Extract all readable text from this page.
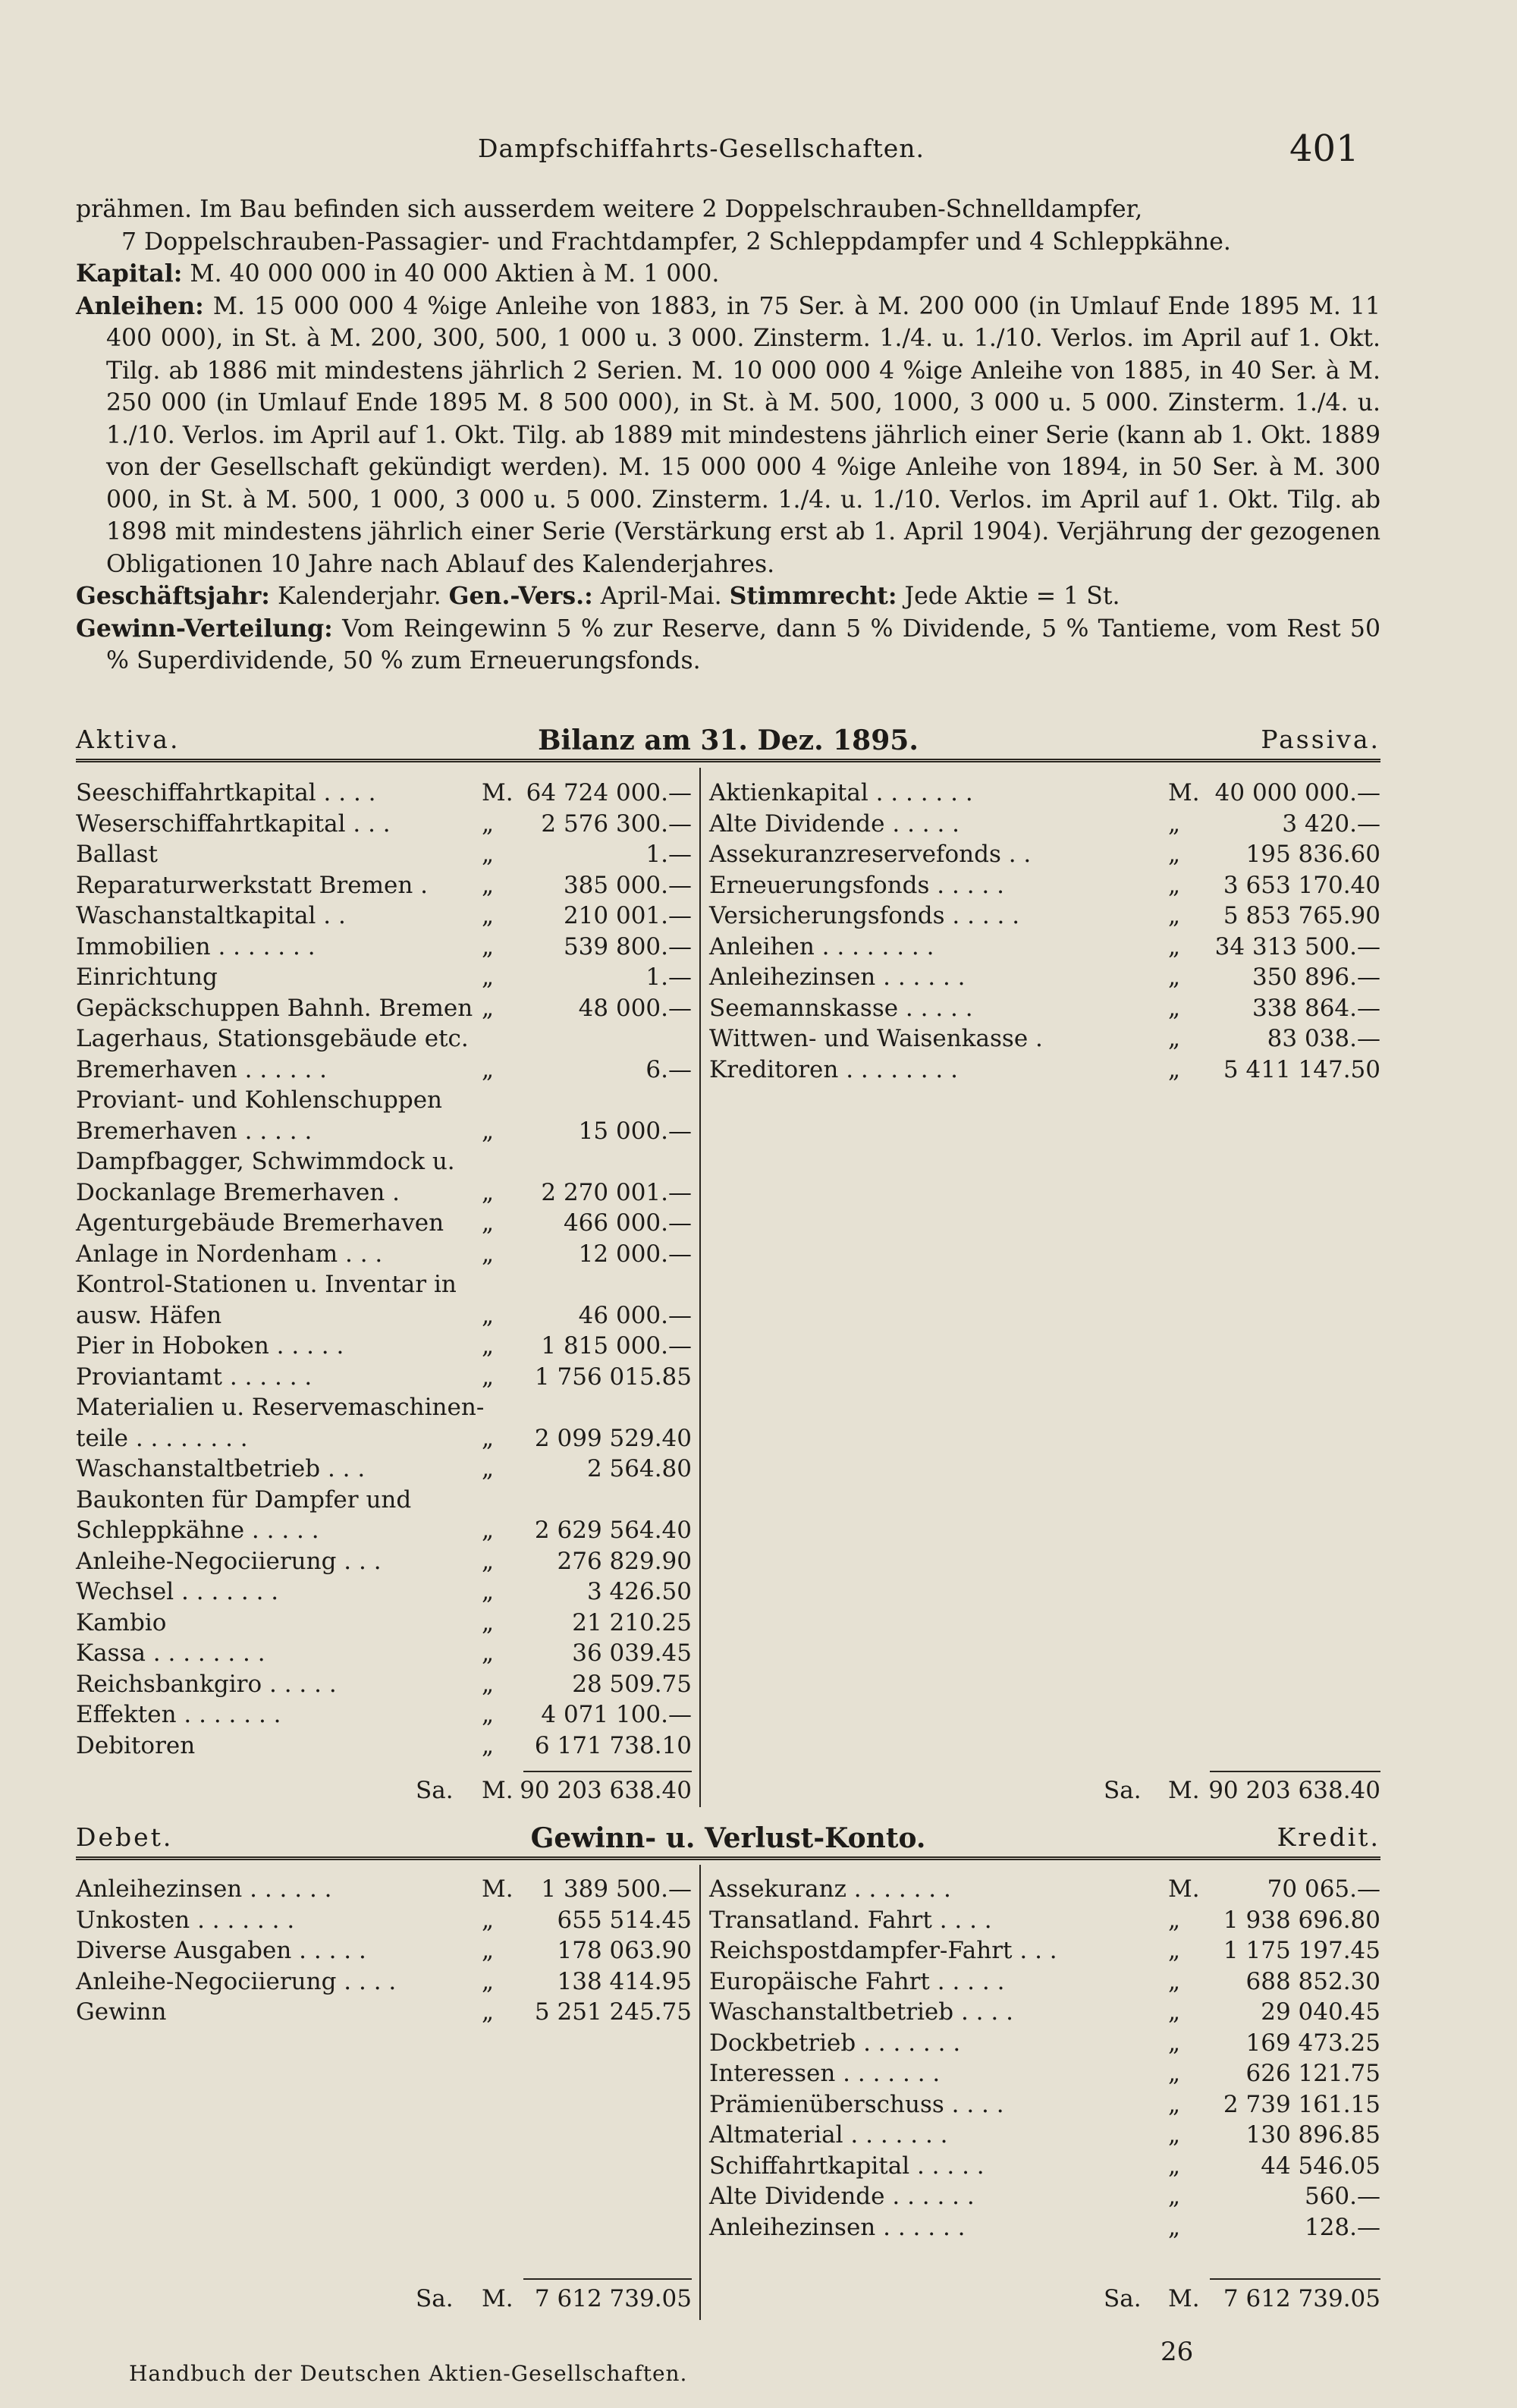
Dampfschiffahrts-Gesellschaften.	401

prähmen. Im Bau befinden sich ausserdem weitere 2 Doppelschrauben-Schnelldampfer,

7 Doppelschrauben-Passagier- und Frachtdampfer, 2 Schleppdampfer und 4 Schleppkähne.

Kapital: M. 40 000 000 in 40 000 Aktien à M. 1 000.

Anleihen: M. 15 000 000 4 %ige Anleihe von 1883, in 75 Ser. à M. 200 000 (in Umlauf Ende 1895 M. 11 400 000), in St. à M. 200, 300, 500, 1 000 u. 3 000. Zinsterm. 1./4. u. 1./10. Verlos. im April auf 1. Okt. Tilg. ab 1886 mit mindestens jährlich 2 Serien. M. 10 000 000 4 %ige Anleihe von 1885, in 40 Ser. à M. 250 000 (in Umlauf Ende 1895 M. 8 500 000), in St. à M. 500, 1000, 3 000 u. 5 000. Zinsterm. 1./4. u. 1./10. Verlos. im April auf 1. Okt. Tilg. ab 1889 mit mindestens jährlich einer Serie (kann ab 1. Okt. 1889 von der Gesellschaft gekündigt werden). M. 15 000 000 4 %ige Anleihe von 1894, in 50 Ser. à M. 300 000, in St. à M. 500, 1 000, 3 000 u. 5 000. Zinsterm. 1./4. u. 1./10. Verlos. im April auf 1. Okt. Tilg. ab 1898 mit mindestens jährlich einer Serie (Verstärkung erst ab 1. April 1904). Verjährung der gezogenen Obligationen 10 Jahre nach Ablauf des Kalenderjahres.

Geschäftsjahr: Kalenderjahr. Gen.-Vers.: April-Mai. Stimmrecht: Jede Aktie = 1 St.

Gewinn-Verteilung: Vom Reingewinn 5 % zur Reserve, dann 5 % Dividende, 5 % Tantieme, vom Rest 50 % Superdividende, 50 % zum Erneuerungsfonds.

Aktiva.	Bilanz am 31. Dez. 1895.	Passiva.
Seeschiffahrtkapital . . . .	M. 64 724 000.—
Weserschiffahrtkapital . . .	„ 2 576 300.—
Ballast	„	1.—
Reparaturwerkstatt Bremen . „	385 000.—
Waschanstaltkapital . .	„	210 001.—
Immobilien . . . . . . .	„	539 800.—
Einrichtung	„	1.—
Gepäckschuppen Bahnh. Bremen „	48 000.—
Lagerhaus, Stationsgebäude etc.
Bremerhaven . . . . . .	„	6.—
Proviant- und Kohlenschuppen
Bremerhaven . . . . .	„	15 000.—
Dampfbagger, Schwimmdock u.
Dockanlage Bremerhaven .	„ 2 270 001.—
Agenturgebäude Bremerhaven „	466 000.—
Anlage in Nordenham . . .	„	12 000.—
Kontrol-Stationen u. Inventar in
ausw. Häfen	„	46 000.—
Pier in Hoboken . . . . .	„ 1 815 000.—
Proviantamt . . . . . .	„ 1 756 015.85
Materialien u. Reservemaschinen-
teile . . . . . . . .	„ 2 099 529.40
Waschanstaltbetrieb . . .	„	2 564.80
Baukonten für Dampfer und
Schleppkähne . . . . .	„ 2 629 564.40
Anleihe-Negociierung . . .	„	276 829.90
Wechsel . . . . . . .	„	3 426.50
Kambio	„	21 210.25
Kassa . . . . . . . .	„	36 039.45
Reichsbankgiro . . . . .	„	28 509.75
Effekten . . . . . . .	„ 4 071 100.—
Debitoren	„ 6 171 738.10
Aktienkapital . . . . . . .	M. 40 000 000.—
Alte Dividende . . . . .	„	3 420.—
Assekuranzreservefonds . .	„	195 836.60
Erneuerungsfonds . . . . .	„ 3 653 170.40
Versicherungsfonds . . . . .	„ 5 853 765.90
Anleihen . . . . . . . .	„ 34 313 500.—
Anleihezinsen . . . . . .	„	350 896.—
Seemannskasse . . . . .	„	338 864.—
Wittwen- und Waisenkasse .	„	83 038.—
Kreditoren . . . . . . . .	„ 5 411 147.50
Sa. M. 90 203 638.40	Sa. M. 90 203 638.40
Debet.	Gewinn- u. Verlust-Konto.	Kredit.
Anleihezinsen . . . . . .	M. 1 389 500.—
Unkosten . . . . . . .	„	655 514.45
Diverse Ausgaben . . . . .	„	178 063.90
Anleihe-Negociierung . . . .	„	138 414.95
Gewinn	„ 5 251 245.75
Assekuranz . . . . . . .	M.	70 065.—
Transatland. Fahrt . . . .	„ 1 938 696.80
Reichspostdampfer-Fahrt . . .	„ 1 175 197.45
Europäische Fahrt . . . . .	„	688 852.30
Waschanstaltbetrieb . . . .	„	29 040.45
Dockbetrieb . . . . . . .	„	169 473.25
Interessen . . . . . . .	„	626 121.75
Prämienüberschuss . . . .	„ 2 739 161.15
Altmaterial . . . . . . .	„	130 896.85
Schiffahrtkapital . . . . .	„	44 546.05
Alte Dividende . . . . . .	„	560.—
Anleihezinsen . . . . . .	„	128.—
Sa. M. 7 612 739.05	Sa. M. 7 612 739.05
Handbuch der Deutschen Aktien-Gesellschaften.
26
